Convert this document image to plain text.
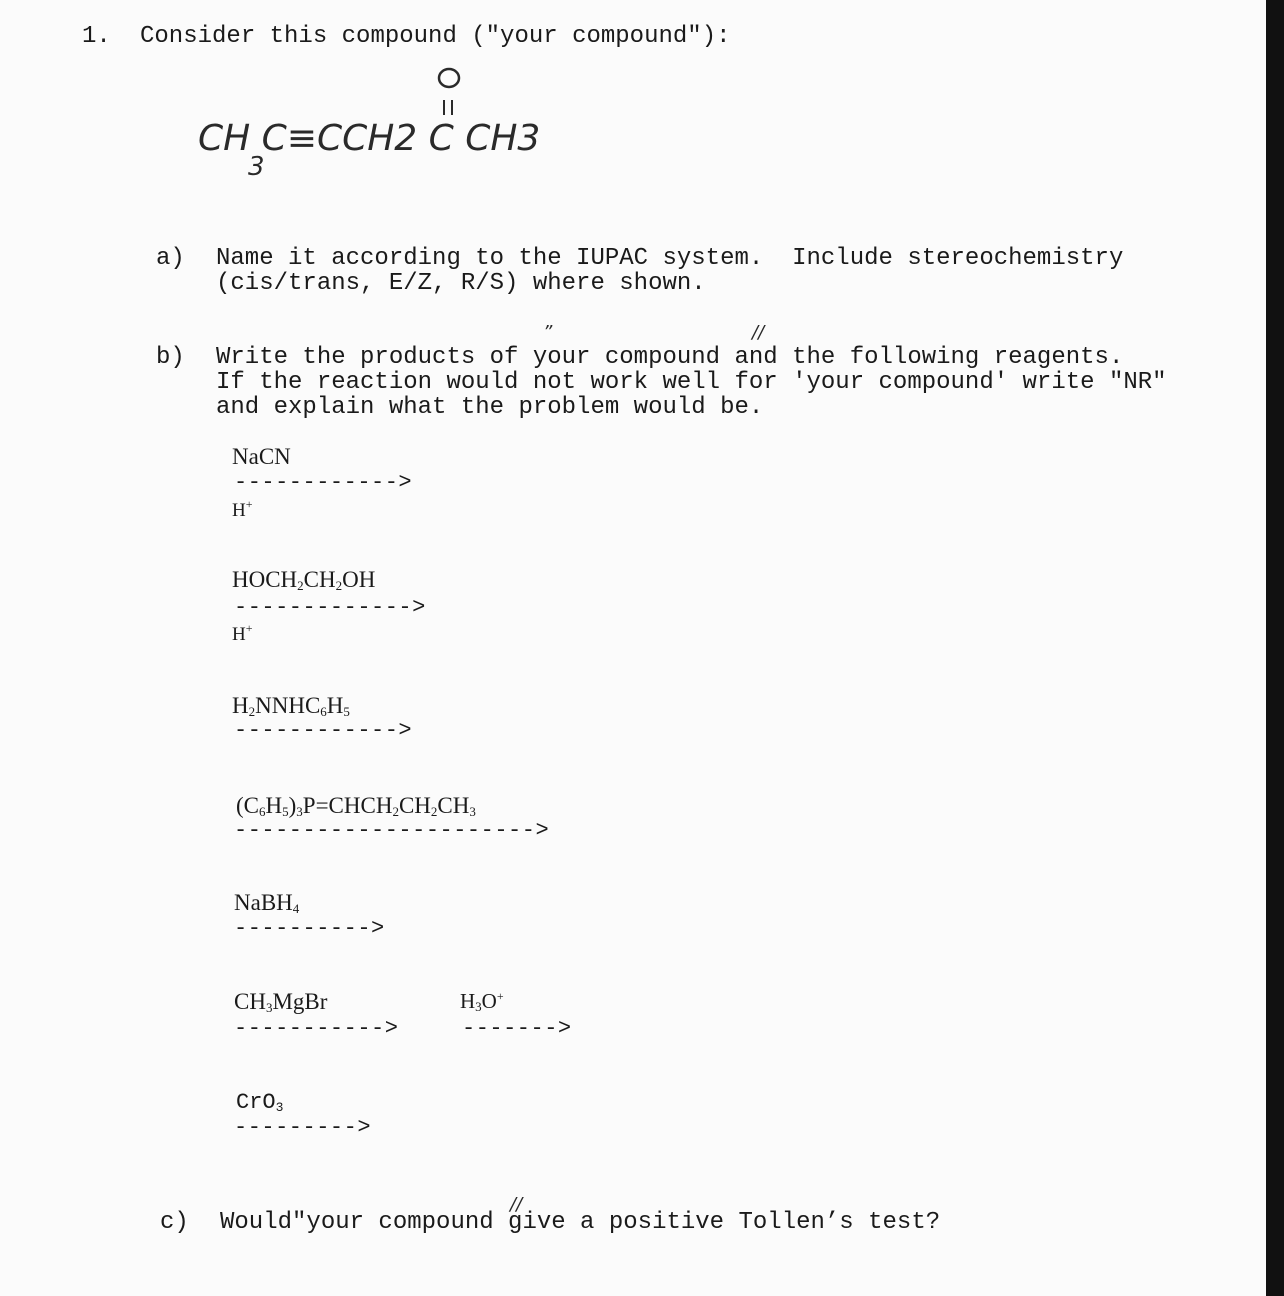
1. Consider this compound ("your compound"):
CH C≡CCH2 C CH3
3
a) Name it according to the IUPAC system.  Include stereochemistry
(cis/trans, E/Z, R/S) where shown.
b) Write the products of your compound and the following reagents.
If the reaction would not work well for 'your compound' write "NR"
and explain what the problem would be.
”	//
NaCN
------------>
H+
$HOCH_2CH_2OH$
------------->
H+
$H_2NNHC_6H_5$
------------>
$(C_6H_5)_3P=CHCH_2CH_2CH_3$
---------------------->
NaBH$_4$
---------->
$CH_3MgBr$
----------->
$H_3O^+$
------->
CrO$_3$
--------->
c) Would"your compound give a positive Tollen’s test?
//
